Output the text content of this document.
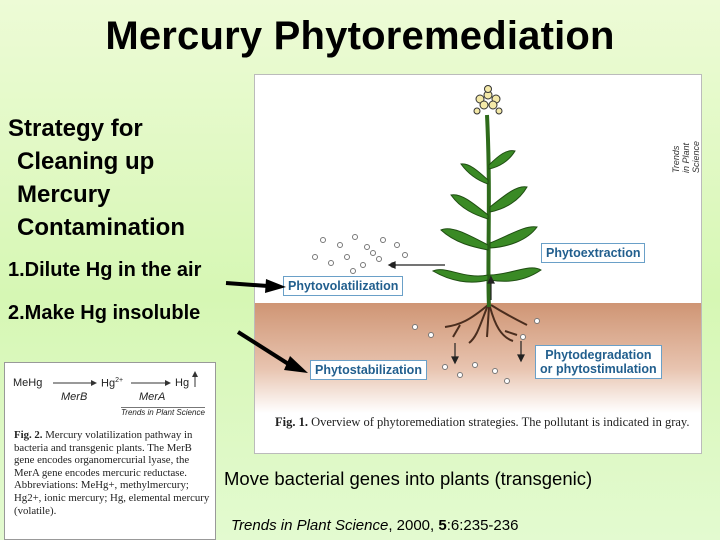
Mercury Phytoremediation
Strategy for
Cleaning up
Mercury
Contamination
1.Dilute Hg in the air
2.Make Hg insoluble
Trends in Plant Science
Phytoextraction
Phytovolatilization
Phytostabilization
Phytodegradation
or phytostimulation
Fig. 1. Overview of phytoremediation strategies. The pollutant is indicated in gray.
MeHg	$Hg^{2+}$	Hg
MerB	MerA
Trends in Plant Science
Fig. 2. Mercury volatilization pathway in bacteria and transgenic plants. The MerB gene encodes organomercurial lyase, the MerA gene encodes mercuric reductase. Abbreviations: MeHg+, methylmercury; Hg2+, ionic mercury; Hg, elemental mercury (volatile).
Move bacterial genes into plants (transgenic)
Trends in Plant Science, 2000, 5:6:235-236
